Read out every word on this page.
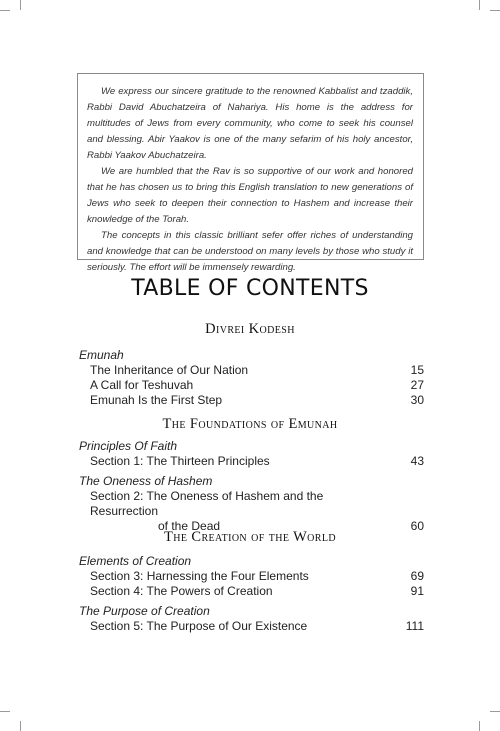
We express our sincere gratitude to the renowned Kabbalist and tzaddik, Rabbi David Abuchatzeira of Nahariya. His home is the address for multitudes of Jews from every community, who come to seek his counsel and blessing. Abir Yaakov is one of the many sefarim of his holy ancestor, Rabbi Yaakov Abuchatzeira.

We are humbled that the Rav is so supportive of our work and honored that he has chosen us to bring this English translation to new generations of Jews who seek to deepen their connection to Hashem and increase their knowledge of the Torah.

The concepts in this classic brilliant sefer offer riches of understanding and knowledge that can be understood on many levels by those who study it seriously. The effort will be immensely rewarding.

TABLE OF CONTENTS
Divrei Kodesh
Emunah
The Inheritance of Our Nation	15
A Call for Teshuvah	27
Emunah Is the First Step	30
The Foundations of Emunah
Principles Of Faith
Section 1: The Thirteen Principles	43
The Oneness of Hashem
Section 2: The Oneness of Hashem and the Resurrection
of the Dead	60
The Creation of the World
Elements of Creation
Section 3: Harnessing the Four Elements	69
Section 4: The Powers of Creation	91
The Purpose of Creation
Section 5: The Purpose of Our Existence	111
